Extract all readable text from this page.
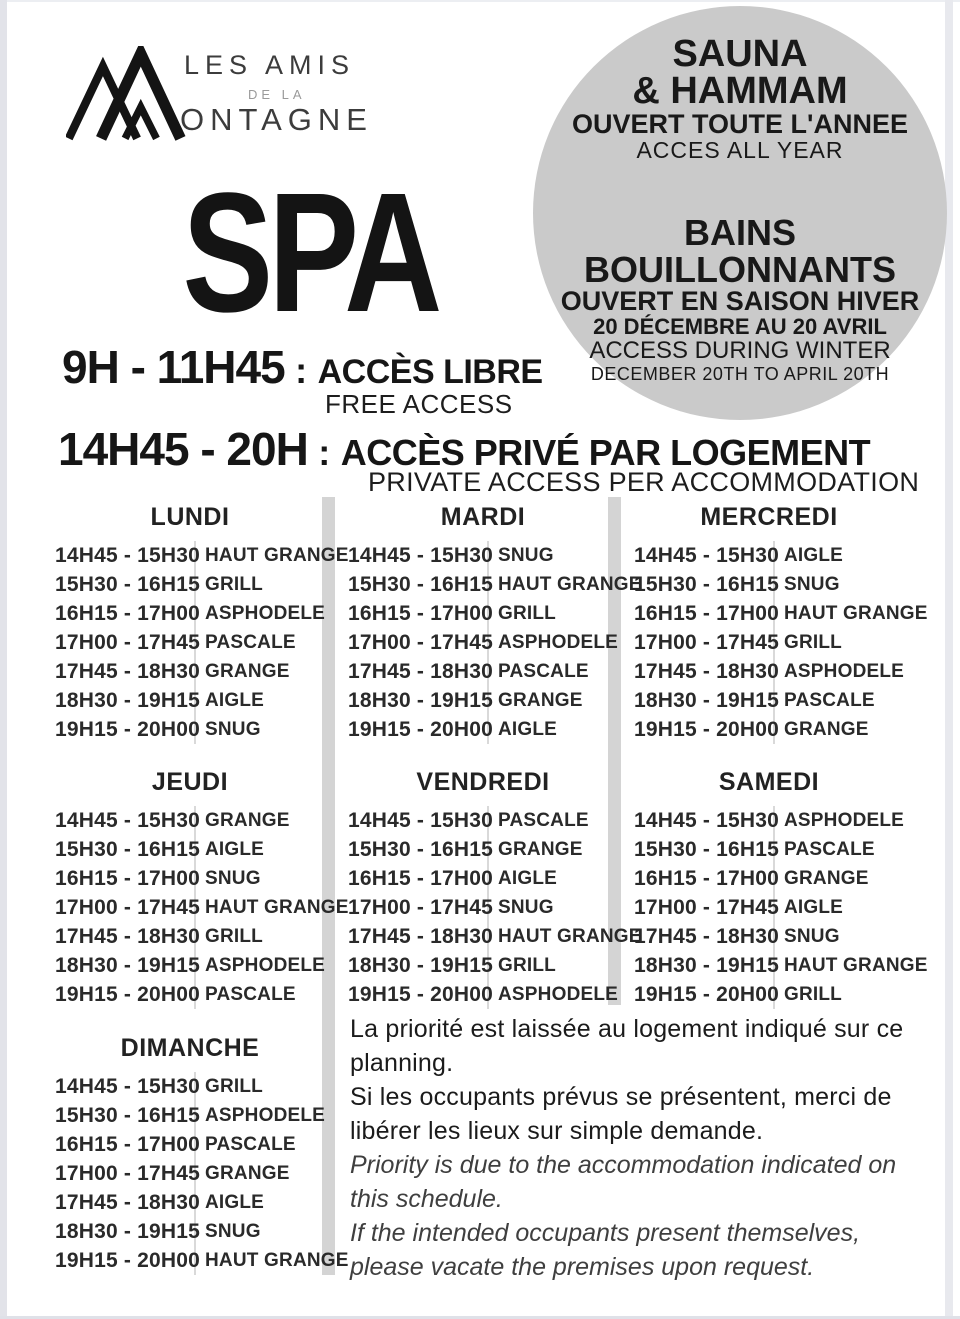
LES AMIS
DE LA
ONTAGNE
SAUNA
& HAMMAM
OUVERT TOUTE L'ANNEE
ACCES ALL YEAR
BAINS
BOUILLONNANTS
OUVERT EN SAISON HIVER
20 DÉCEMBRE AU 20 AVRIL
ACCESS DURING WINTER
DECEMBER 20TH TO APRIL 20TH
SPA
9H - 11H45 : ACCÈS LIBRE
FREE ACCESS
14H45 - 20H : ACCÈS PRIVÉ PAR LOGEMENT
PRIVATE ACCESS PER ACCOMMODATION
LUNDI
14H45 - 15H30 HAUT GRANGE
15H30 - 16H15 GRILL
16H15 - 17H00 ASPHODELE
17H00 - 17H45 PASCALE
17H45 - 18H30 GRANGE
18H30 - 19H15 AIGLE
19H15 - 20H00 SNUG
MARDI
14H45 - 15H30 SNUG
15H30 - 16H15 HAUT GRANGE
16H15 - 17H00 GRILL
17H00 - 17H45 ASPHODELE
17H45 - 18H30 PASCALE
18H30 - 19H15 GRANGE
19H15 - 20H00 AIGLE
MERCREDI
14H45 - 15H30 AIGLE
15H30 - 16H15 SNUG
16H15 - 17H00 HAUT GRANGE
17H00 - 17H45 GRILL
17H45 - 18H30 ASPHODELE
18H30 - 19H15 PASCALE
19H15 - 20H00 GRANGE
JEUDI
14H45 - 15H30 GRANGE
15H30 - 16H15 AIGLE
16H15 - 17H00 SNUG
17H00 - 17H45 HAUT GRANGE
17H45 - 18H30 GRILL
18H30 - 19H15 ASPHODELE
19H15 - 20H00 PASCALE
VENDREDI
14H45 - 15H30 PASCALE
15H30 - 16H15 GRANGE
16H15 - 17H00 AIGLE
17H00 - 17H45 SNUG
17H45 - 18H30 HAUT GRANGE
18H30 - 19H15 GRILL
19H15 - 20H00 ASPHODELE
SAMEDI
14H45 - 15H30 ASPHODELE
15H30 - 16H15 PASCALE
16H15 - 17H00 GRANGE
17H00 - 17H45 AIGLE
17H45 - 18H30 SNUG
18H30 - 19H15 HAUT GRANGE
19H15 - 20H00 GRILL
DIMANCHE
14H45 - 15H30 GRILL
15H30 - 16H15 ASPHODELE
16H15 - 17H00 PASCALE
17H00 - 17H45 GRANGE
17H45 - 18H30 AIGLE
18H30 - 19H15 SNUG
19H15 - 20H00 HAUT GRANGE

La priorité est laissée au logement indiqué sur ce planning.

Si les occupants prévus se présentent, merci de libérer les lieux sur simple demande.

Priority is due to the accommodation indicated on this schedule.

If the intended occupants present themselves, please vacate the premises upon request.
